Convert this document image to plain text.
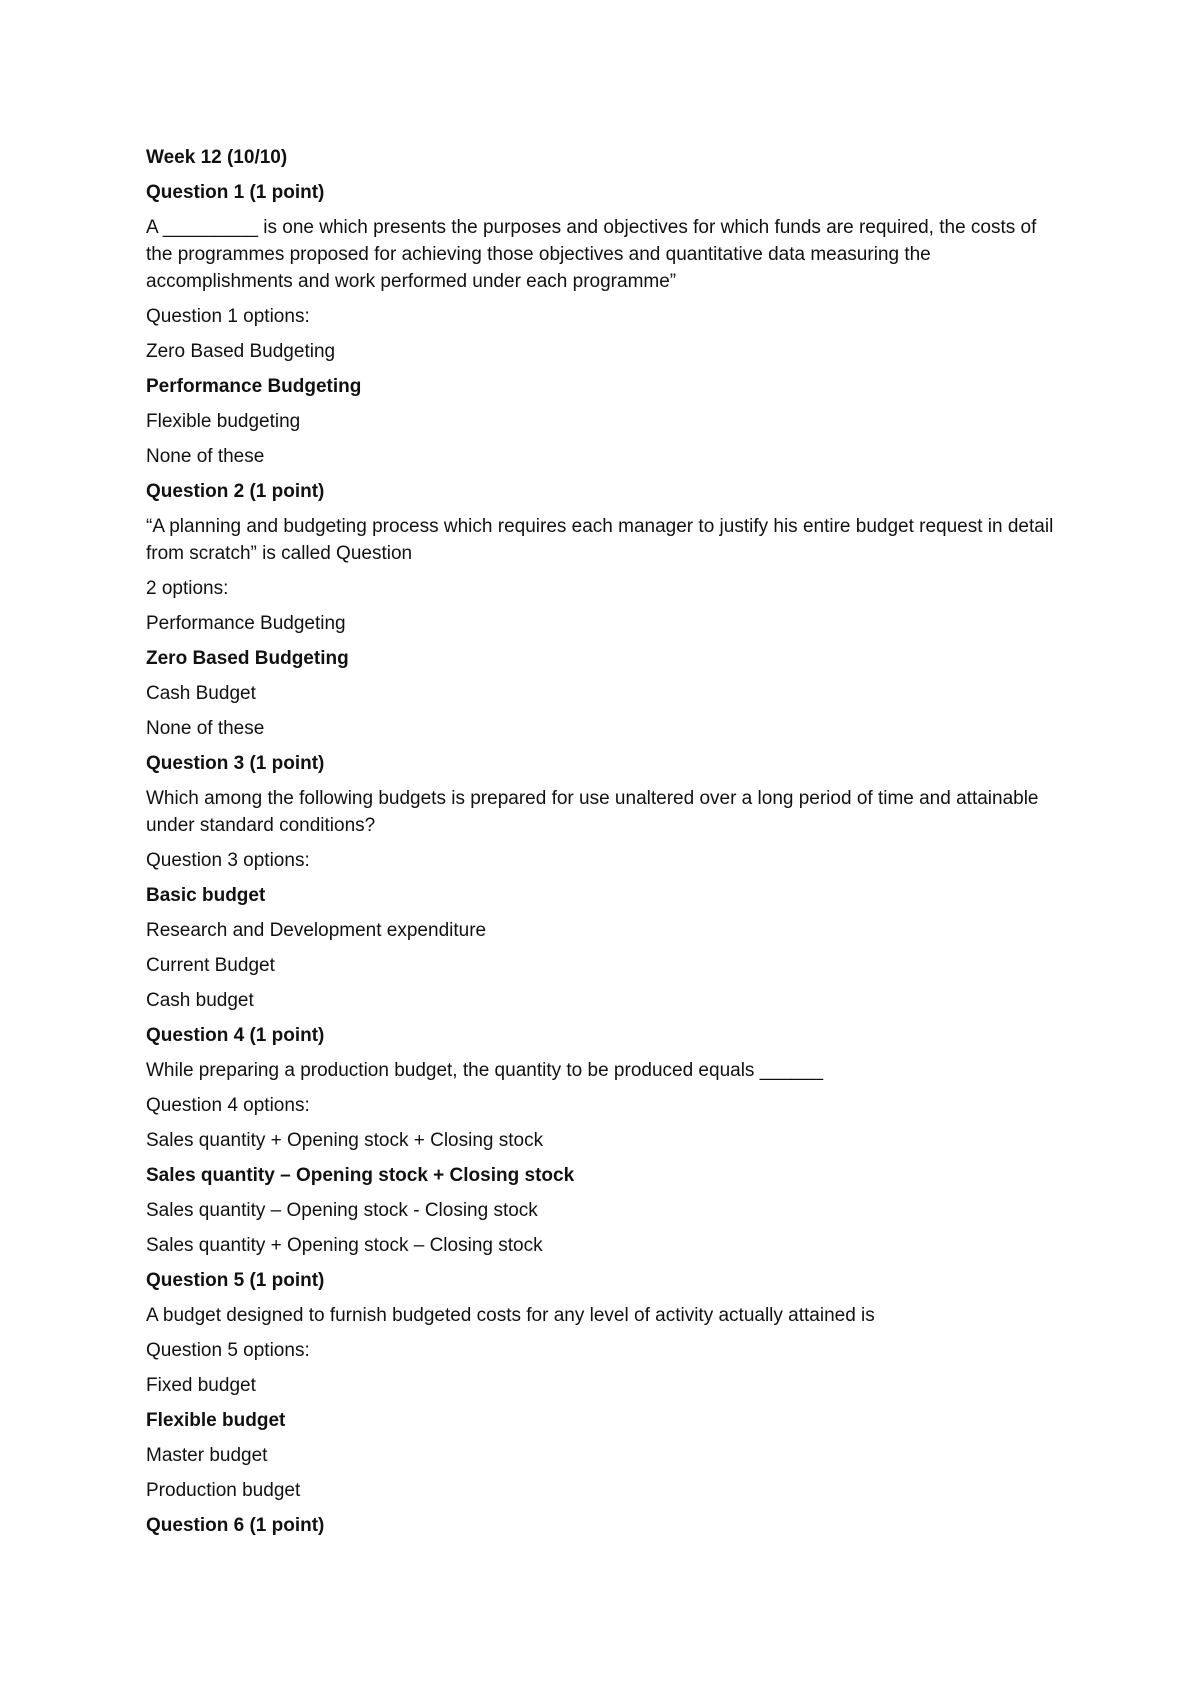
Week 12 (10/10)

Question 1 (1 point)

A _________ is one which presents the purposes and objectives for which funds are required, the costs of the programmes proposed for achieving those objectives and quantitative data measuring the accomplishments and work performed under each programme”

Question 1 options:

Zero Based Budgeting

Performance Budgeting

Flexible budgeting

None of these

Question 2 (1 point)

“A planning and budgeting process which requires each manager to justify his entire budget request in detail from scratch” is called Question

2 options:

Performance Budgeting

Zero Based Budgeting

Cash Budget

None of these

Question 3 (1 point)

Which among the following budgets is prepared for use unaltered over a long period of time and attainable under standard conditions?

Question 3 options:

Basic budget

Research and Development expenditure

Current Budget

Cash budget

Question 4 (1 point)

While preparing a production budget, the quantity to be produced equals ______

Question 4 options:

Sales quantity + Opening stock + Closing stock

Sales quantity – Opening stock + Closing stock

Sales quantity – Opening stock - Closing stock

Sales quantity + Opening stock – Closing stock

Question 5 (1 point)

A budget designed to furnish budgeted costs for any level of activity actually attained is

Question 5 options:

Fixed budget

Flexible budget

Master budget

Production budget

Question 6 (1 point)
